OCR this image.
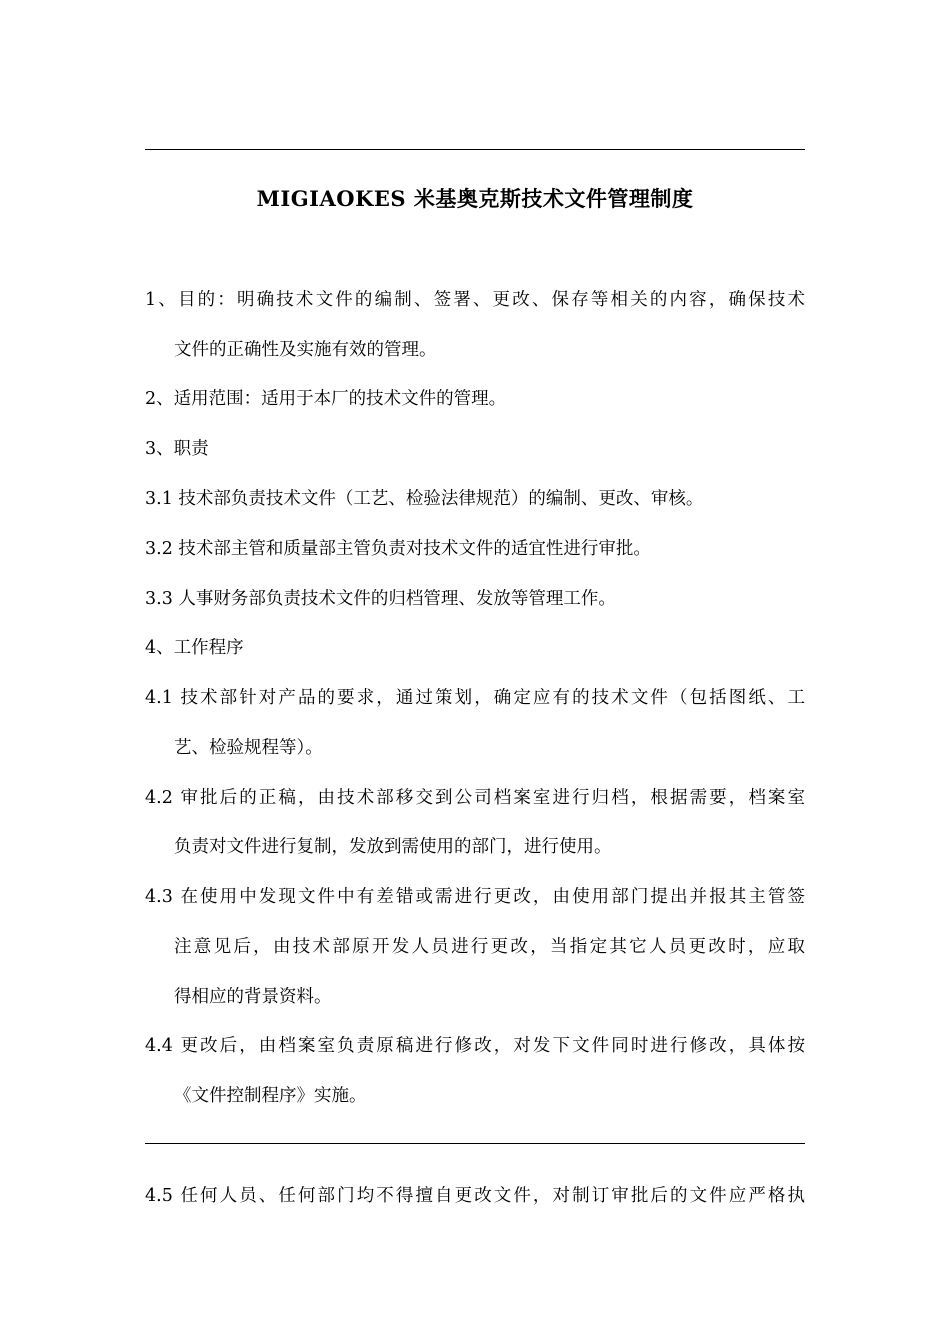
MIGIAOKES 米基奥克斯技术文件管理制度
1、目的：明确技术文件的编制、签署、更改、保存等相关的内容，确保技术
文件的正确性及实施有效的管理。
2、适用范围：适用于本厂的技术文件的管理。
3、职责
3.1 技术部负责技术文件（工艺、检验法律规范）的编制、更改、审核。
3.2 技术部主管和质量部主管负责对技术文件的适宜性进行审批。
3.3 人事财务部负责技术文件的归档管理、发放等管理工作。
4、工作程序
4.1 技术部针对产品的要求，通过策划，确定应有的技术文件（包括图纸、工
艺、检验规程等）。
4.2 审批后的正稿，由技术部移交到公司档案室进行归档，根据需要，档案室
负责对文件进行复制，发放到需使用的部门，进行使用。
4.3 在使用中发现文件中有差错或需进行更改，由使用部门提出并报其主管签
注意见后，由技术部原开发人员进行更改，当指定其它人员更改时，应取
得相应的背景资料。
4.4 更改后，由档案室负责原稿进行修改，对发下文件同时进行修改，具体按
《文件控制程序》实施。
4.5 任何人员、任何部门均不得擅自更改文件，对制订审批后的文件应严格执
